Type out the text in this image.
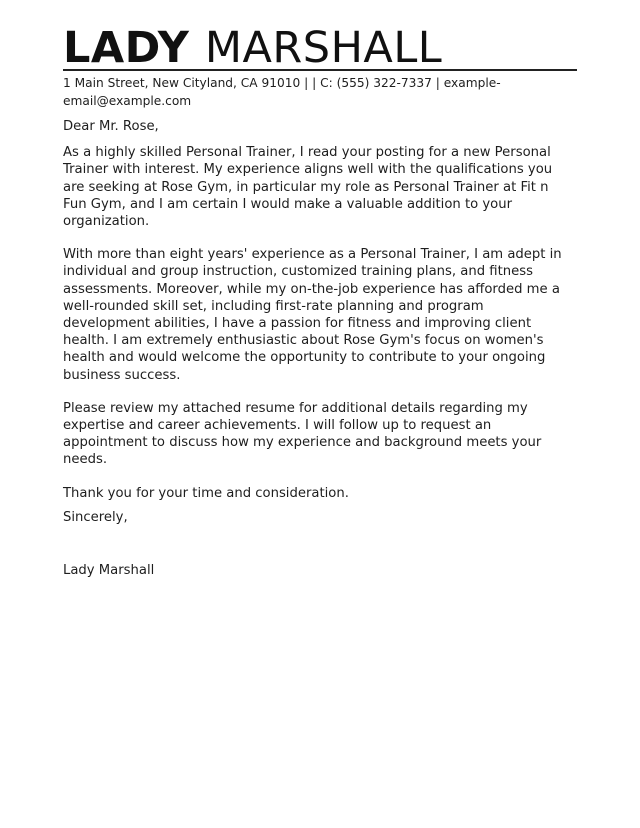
LADY MARSHALL
1 Main Street, New Cityland, CA 91010 | | C: (555) 322-7337 | example-
email@example.com

Dear Mr. Rose,

As a highly skilled Personal Trainer, I read your posting for a new Personal Trainer with interest. My experience aligns well with the qualifications you are seeking at Rose Gym, in particular my role as Personal Trainer at Fit n Fun Gym, and I am certain I would make a valuable addition to your organization.

With more than eight years' experience as a Personal Trainer, I am adept in individual and group instruction, customized training plans, and fitness assessments. Moreover, while my on-the-job experience has afforded me a well-rounded skill set, including first-rate planning and program development abilities, I have a passion for fitness and improving client health. I am extremely enthusiastic about Rose Gym's focus on women's health and would welcome the opportunity to contribute to your ongoing business success.

Please review my attached resume for additional details regarding my expertise and career achievements. I will follow up to request an appointment to discuss how my experience and background meets your needs.

Thank you for your time and consideration.

Sincerely,

Lady Marshall
